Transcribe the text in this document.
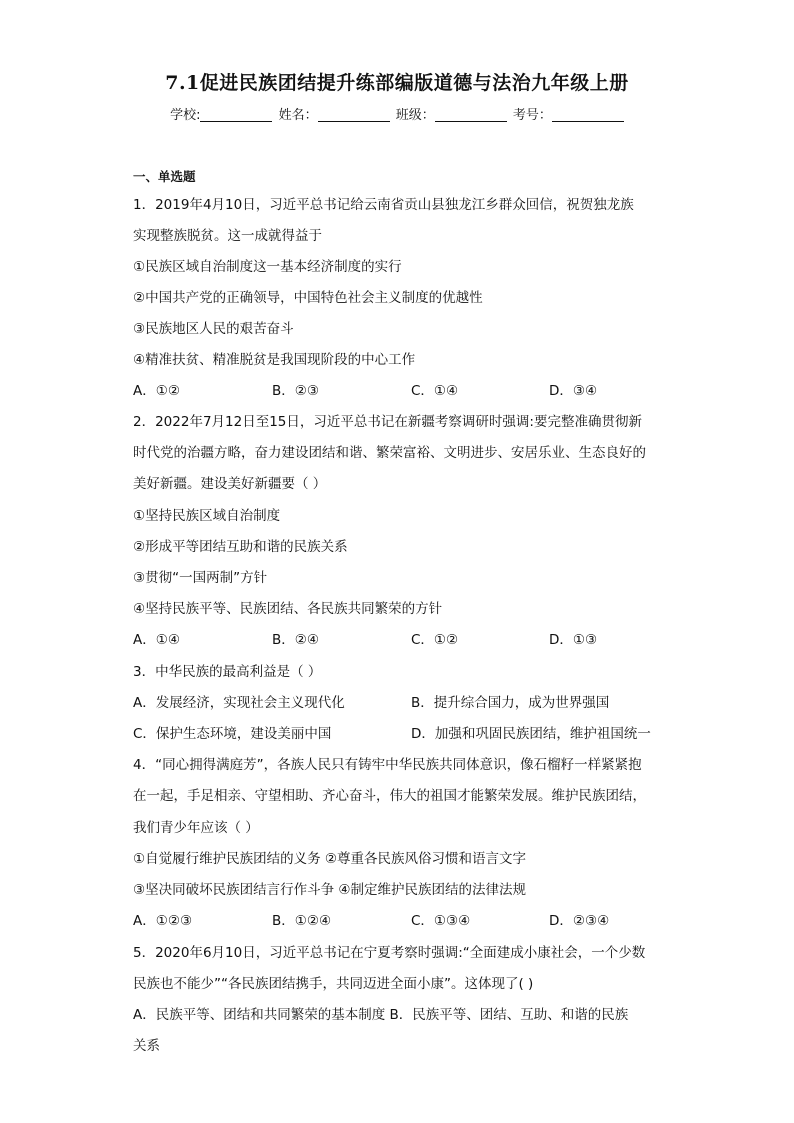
7.1促进民族团结提升练部编版道德与法治九年级上册
学校:	姓名：	班级：	考号：
一、单选题
1．2019年4月10日，习近平总书记给云南省贡山县独龙江乡群众回信，祝贺独龙族
实现整族脱贫。这一成就得益于
①民族区域自治制度这一基本经济制度的实行
②中国共产党的正确领导，中国特色社会主义制度的优越性
③民族地区人民的艰苦奋斗
④精准扶贫、精准脱贫是我国现阶段的中心工作
A．①②	B．②③	C．①④	D．③④
2．2022年7月12日至15日，习近平总书记在新疆考察调研时强调:要完整准确贯彻新
时代党的治疆方略，奋力建设团结和谐、繁荣富裕、文明进步、安居乐业、生态良好的
美好新疆。建设美好新疆要（ ）
①坚持民族区域自治制度
②形成平等团结互助和谐的民族关系
③贯彻“一国两制”方针
④坚持民族平等、民族团结、各民族共同繁荣的方针
A．①④	B．②④	C．①②	D．①③
3．中华民族的最高利益是（ ）
A．发展经济，实现社会主义现代化	B．提升综合国力，成为世界强国
C．保护生态环境，建设美丽中国	D．加强和巩固民族团结，维护祖国统一
4．“同心拥得满庭芳”，各族人民只有铸牢中华民族共同体意识，像石榴籽一样紧紧抱
在一起，手足相亲、守望相助、齐心奋斗，伟大的祖国才能繁荣发展。维护民族团结，
我们青少年应该（ ）
①自觉履行维护民族团结的义务 ②尊重各民族风俗习惯和语言文字
③坚决同破坏民族团结言行作斗争 ④制定维护民族团结的法律法规
A．①②③	B．①②④	C．①③④	D．②③④
5．2020年6月10日，习近平总书记在宁夏考察时强调:“全面建成小康社会，一个少数
民族也不能少”“各民族团结携手，共同迈进全面小康”。这体现了( )
A．民族平等、团结和共同繁荣的基本制度 B．民族平等、团结、互助、和谐的民族
关系
